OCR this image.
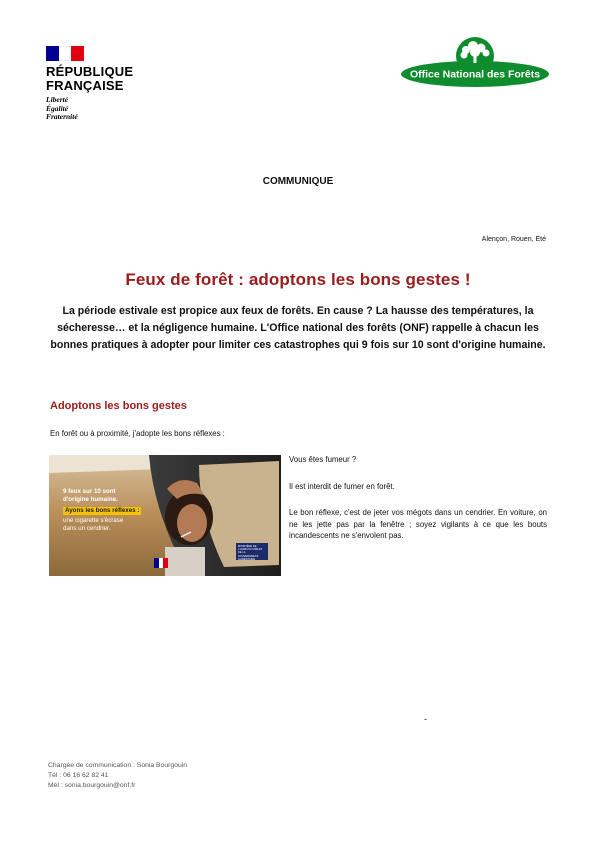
RÉPUBLIQUE
FRANÇAISE
Liberté
Égalité
Fraternité
Office National des Forêts
COMMUNIQUE
Alençon, Rouen, Eté
Feux de forêt : adoptons les bons gestes !
La période estivale est propice aux feux de forêts. En cause ? La hausse des températures, la sécheresse… et la négligence humaine. L'Office national des forêts (ONF) rappelle à chacun les bonnes pratiques à adopter pour limiter ces catastrophes qui 9 fois sur 10 sont d'origine humaine.
Adoptons les bons gestes
En forêt ou à proximité, j'adopte les bons réflexes :
9 feux sur 10 sont
d'origine humaine.
Ayons les bons réflexes :
une cigarette s'écrase
dans un cendrier.
MINISTÈRE DE L'AGRICULTURE ET DE LA SOUVERAINETÉ ALIMENTAIRE
Vous êtes fumeur ?
Il est interdit de fumer en forêt.
Le bon réflexe, c'est de jeter vos mégots dans un cendrier. En voiture, on ne les jette pas par la fenêtre ; soyez vigilants à ce que les bouts incandescents ne s'envolent pas.
-
Chargée de communication : Sonia Bourgouin
Tél : 06 16 62 82 41
Mél : sonia.bourgouin@onf.fr
